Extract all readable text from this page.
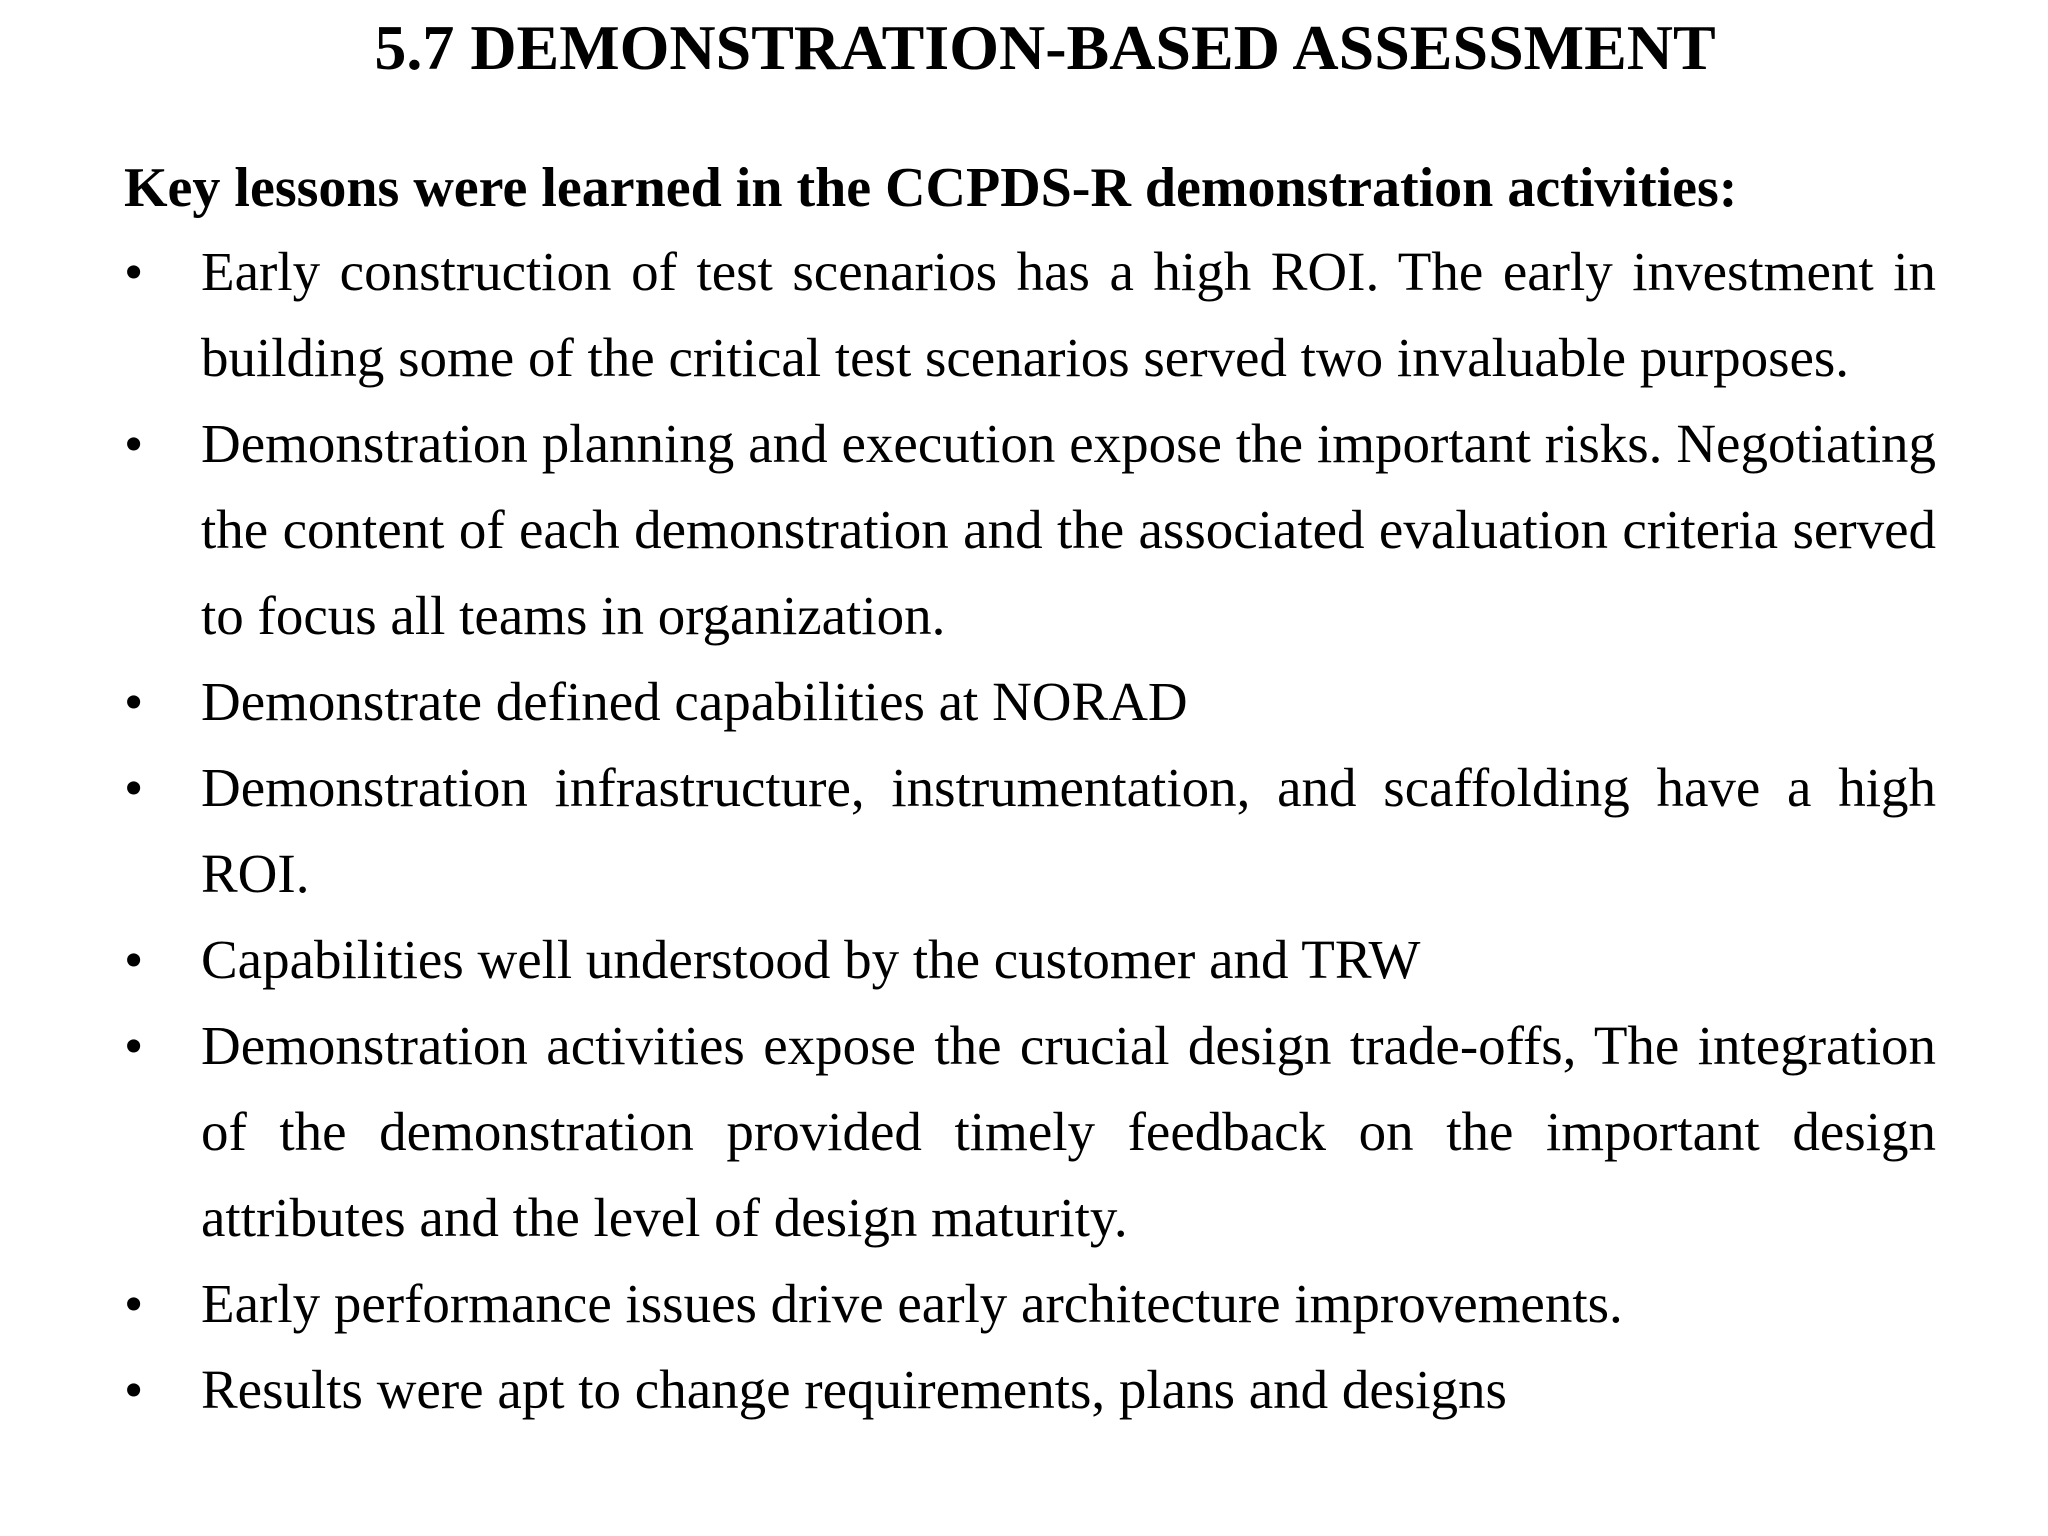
5.7 DEMONSTRATION-BASED ASSESSMENT

Key lessons were learned in the CCPDS-R demonstration activities:

• Early construction of test scenarios has a high ROI. The early investment in building some of the critical test scenarios served two invaluable purposes.
• Demonstration planning and execution expose the important risks. Negotiating the content of each demonstration and the associated evaluation criteria served to focus all teams in organization.
• Demonstrate defined capabilities at NORAD
• Demonstration infrastructure, instrumentation, and scaffolding have a high ROI.
• Capabilities well understood by the customer and TRW
• Demonstration activities expose the crucial design trade-offs, The integration of the demonstration provided timely feedback on the important design attributes and the level of design maturity.
• Early performance issues drive early architecture improvements.
• Results were apt to change requirements, plans and designs
